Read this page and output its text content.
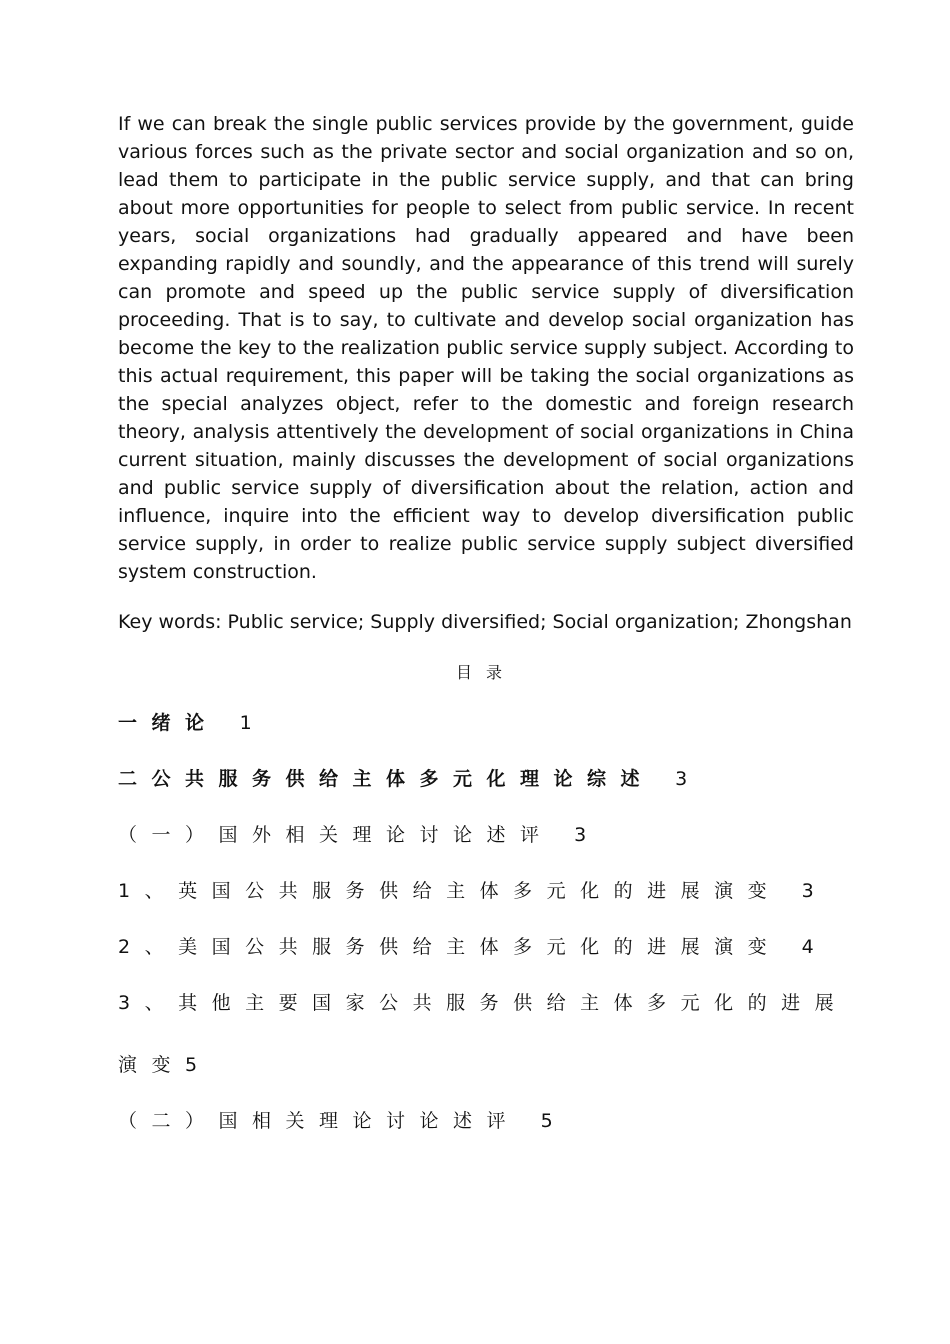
If we can break the single public services provide by the government, guide various forces such as the private sector and social organization and so on, lead them to participate in the public service supply, and that can bring about more opportunities for people to select from public service. In recent years, social organizations had gradually appeared and have been expanding rapidly and soundly, and the appearance of this trend will surely can promote and speed up the public service supply of diversification proceeding. That is to say, to cultivate and develop social organization has become the key to the realization public service supply subject. According to this actual requirement, this paper will be taking the social organizations as the special analyzes object, refer to the domestic and foreign research theory, analysis attentively the development of social organizations in China current situation, mainly discusses the development of social organizations and public service supply of diversification about the relation, action and influence, inquire into the efficient way to develop diversification public service supply, in order to realize public service supply subject diversified system construction.

Key words: Public service; Supply diversified; Social organization; Zhongshan

目录
一绪论 1
二公共服务供给主体多元化理论综述 3
（一）国外相关理论讨论述评 3
1、英国公共服务供给主体多元化的进展演变 3
2、美国公共服务供给主体多元化的进展演变 4
3、其他主要国家公共服务供给主体多元化的进展演变5
（二）国相关理论讨论述评 5
